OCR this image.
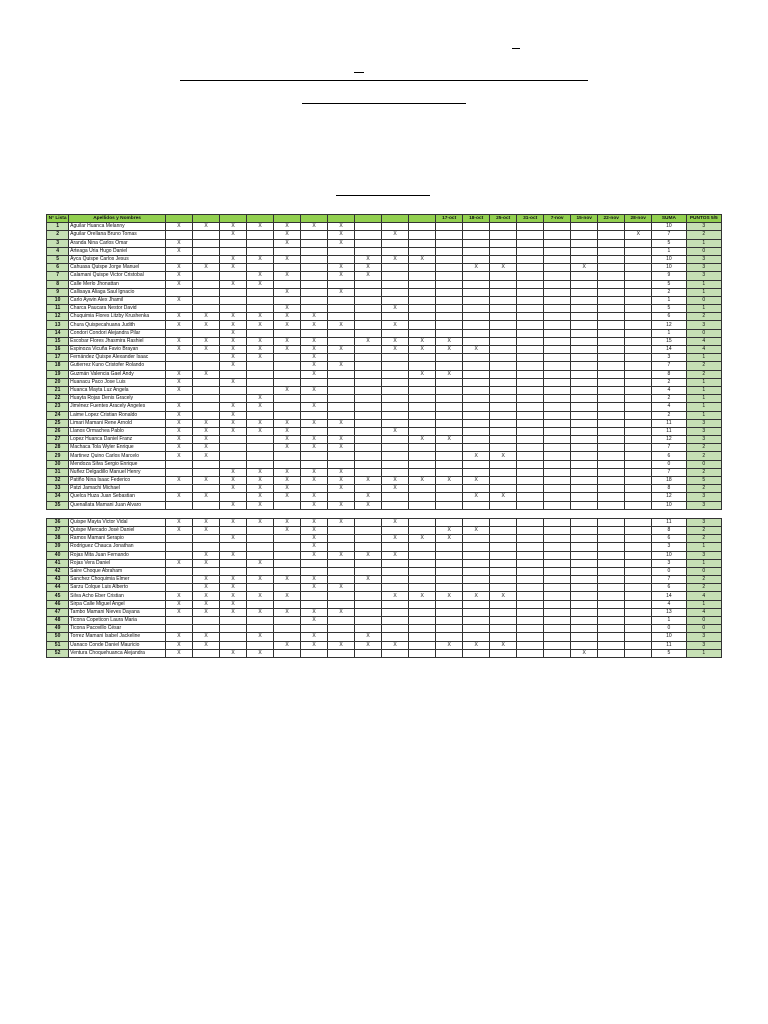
N° Lista	Apellidos y Nombres											17-oct	18-oct	25-oct	31-oct	7-nov	15-nov	22-nov	28-nov	SUMA	PUNTOS 5/5
1	Aguilar Huanca Melanny	X	X	X	X	X	X	X												10	3
2	Aguilar Orellana Bruno Tomas			X		X		X		X									X	7	2
3	Aranda Nina Carlos Omar	X				X		X												5	1
4	Arteaga Uria Hugo Daniel	X																		1	0
5	Ayca Quispe Carlos Jesus			X	X	X			X	X	X									10	3
6	Cahuasa Quispe Jorge Manuel	X	X	X				X	X				X	X			X			10	3
7	Calamani Quispe Victor Cristobal	X			X	X		X	X											9	3
8	Calle Merlo Jhonattan	X		X	X															5	1
9	Callisaya Aliaga Saul Ignacio					X		X												2	1
10	Carlo Aywin Alex Jhamil	X																		1	0
11	Charca Paucara Nestor David					X				X										5	1
12	Chuquimia Flores Litzby Krushenka	X	X	X	X	X	X													6	2
13	Chura Quispecahuana Judith	X	X	X	X	X	X	X		X										12	3
14	Condori Condori Alejandra Pilar			X																1	0
15	Escobar Flores Jhasmira Rashiel	X	X	X	X	X	X		X	X	X	X								15	4
16	Espinoza Vicuña Favio Brayan	X	X	X	X	X	X	X		X	X	X	X							14	4
17	Fernández Quispe Alexander Isaac			X	X		X													3	1
18	Gutierrez Kuno Cristofer Rolando			X			X	X												7	2
19	Guzmán Valencia Gael Andy	X	X				X				X	X								8	2
20	Huanacu Paco Jose Luis	X		X																2	1
21	Huanca Mayta Luz Angela	X				X	X													4	1
22	Huayta Rojas Denis Gracely				X															2	1
23	Jiménez Fuentes Aracely Angeles	X		X	X		X													4	1
24	Laime Lopez Cristian Ronaldo	X		X																2	1
25	Limari Mamani Rene Arnold	X	X	X	X	X	X	X												11	3
26	Llanos Ormachea Pablo	X	X	X	X	X				X										11	3
27	Lopez Huanca Daniel Franz	X	X			X	X	X			X	X								12	3
28	Machaca Tola Wyler Enrique	X	X			X	X	X												7	2
29	Martinez Quino Carlos Marcelo	X	X										X	X						6	2
30	Mendoza Silva Sergio Enrique																			0	0
31	Nuñez Delgadillo Manuel Henry			X	X	X	X	X												7	2
32	Patiño Nina Isaac Federico	X	X	X	X	X	X	X	X	X	X	X	X							18	5
33	Patzi Jamachi Michael			X	X	X		X		X										8	2
34	Quelca Huza Juan Sebastian	X	X		X	X	X		X				X	X						12	3
35	Quenallata Mamani Juan Alvaro			X	X		X	X	X											10	3

36	Quispe Mayta Victor Vidal	X	X	X	X	X	X	X		X										11	3
37	Quispe Mercado José Daniel	X	X			X	X					X	X							8	2
38	Ramos Mamani Serapio			X			X			X	X	X								6	2
39	Rodriguez Chauca Jonathan						X													3	1
40	Rojas Mita Juan Fernando		X	X			X	X	X	X										10	3
41	Rojas Vera Daniel	X	X		X															3	1
42	Saire Choque Abraham																			0	0
43	Sanchez Choquimia Elmer		X	X	X	X	X		X											7	2
44	Sarzu Colque Luis Alberto		X	X			X	X												6	2
45	Silva Acho Eber Cristian	X	X	X	X	X				X	X	X	X	X						14	4
46	Sirpa Calle Miguel Angel	X	X	X																4	1
47	Tambo Mamani Nieves Dayana	X	X	X	X	X	X	X												13	4
48	Ticona Copeticon Laura Maria						X													1	0
49	Ticona Pacovillo César																			0	0
50	Torrez Mamani Isabel Jackeline	X	X		X		X		X											10	3
51	Uanaco Conde Daniel Mauricio	X	X			X	X	X	X	X		X	X	X						11	3
52	Ventura Choquehuanca Alejandra	X		X	X												X			5	1
